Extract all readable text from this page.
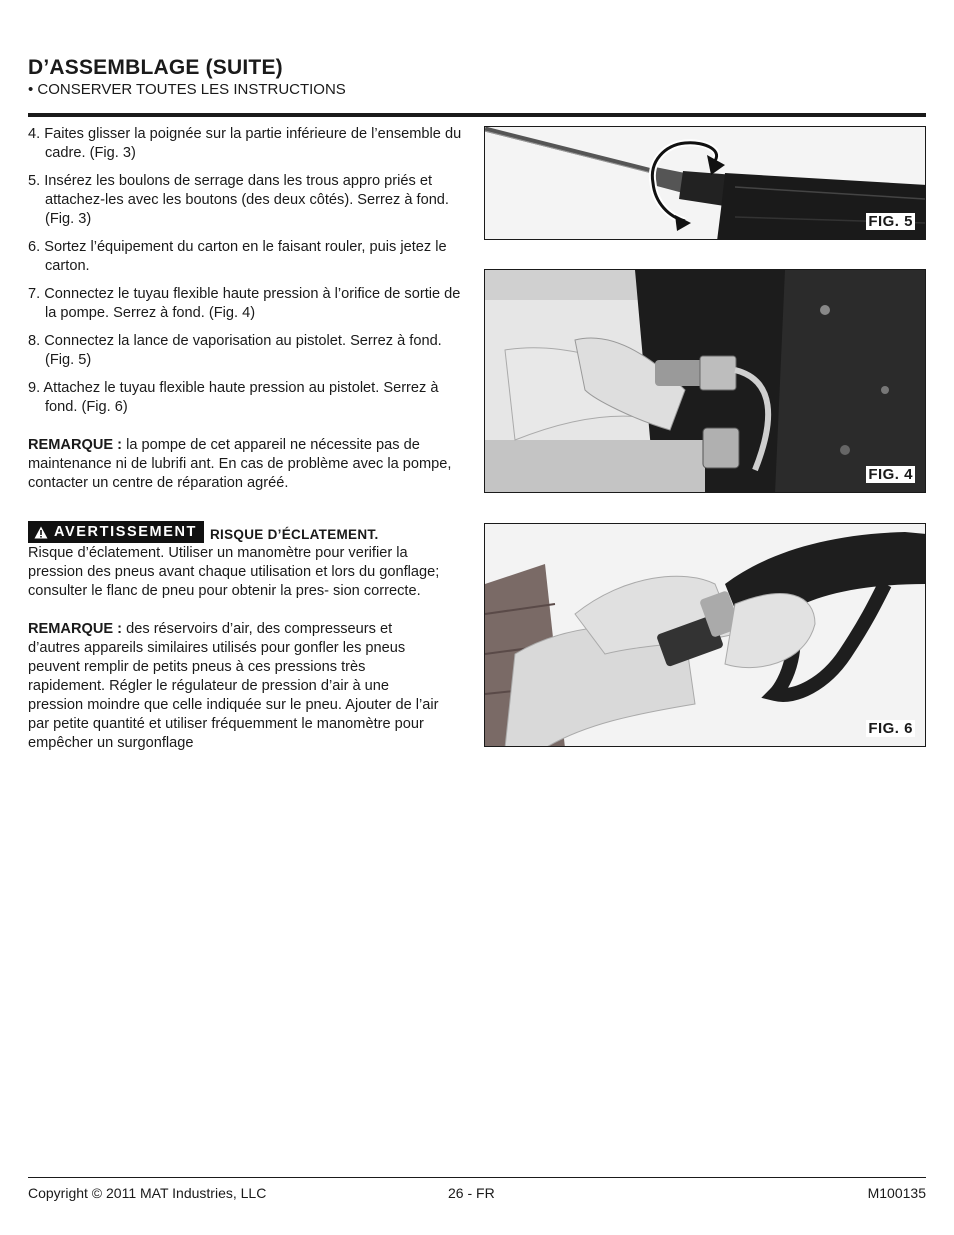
D’ASSEMBLAGE (SUITE)
• CONSERVER TOUTES LES INSTRUCTIONS

4. Faites glisser la poignée sur la partie inférieure de l’ensemble du cadre. (Fig. 3)

5. Insérez les boulons de serrage dans les trous appro priés et attachez-les avec les boutons (des deux côtés). Serrez à fond. (Fig. 3)

6. Sortez l’équipement du carton en le faisant rouler, puis jetez le carton.

7. Connectez le tuyau flexible haute pression à l’orifice de sortie de la pompe. Serrez à fond. (Fig. 4)

8. Connectez la lance de vaporisation au pistolet. Serrez à fond. (Fig. 5)

9. Attachez le tuyau flexible haute pression au pistolet. Serrez à fond. (Fig. 6)

REMARQUE : la pompe de cet appareil ne nécessite pas de maintenance ni de lubrifi ant. En cas de problème avec la pompe, contacter un centre de réparation agréé.

AVERTISSEMENT RISQUE D’ÉCLATEMENT.

Risque d’éclatement. Utiliser un manomètre pour verifier la pression des pneus avant chaque utilisation et lors du gonflage; consulter le flanc de pneu pour obtenir la pres- sion correcte.

REMARQUE : des réservoirs d’air, des compresseurs et d’autres appareils similaires utilisés pour gonfler les pneus peuvent remplir de petits pneus à ces pressions très rapidement. Régler le régulateur de pression d’air à une pression moindre que celle indiquée sur le pneu. Ajouter de l’air par petite quantité et utiliser fréquemment le manomètre pour empêcher un surgonflage

FIG. 5
FIG. 4
FIG. 6
Copyright © 2011 MAT Industries, LLC	26 - FR	M100135
